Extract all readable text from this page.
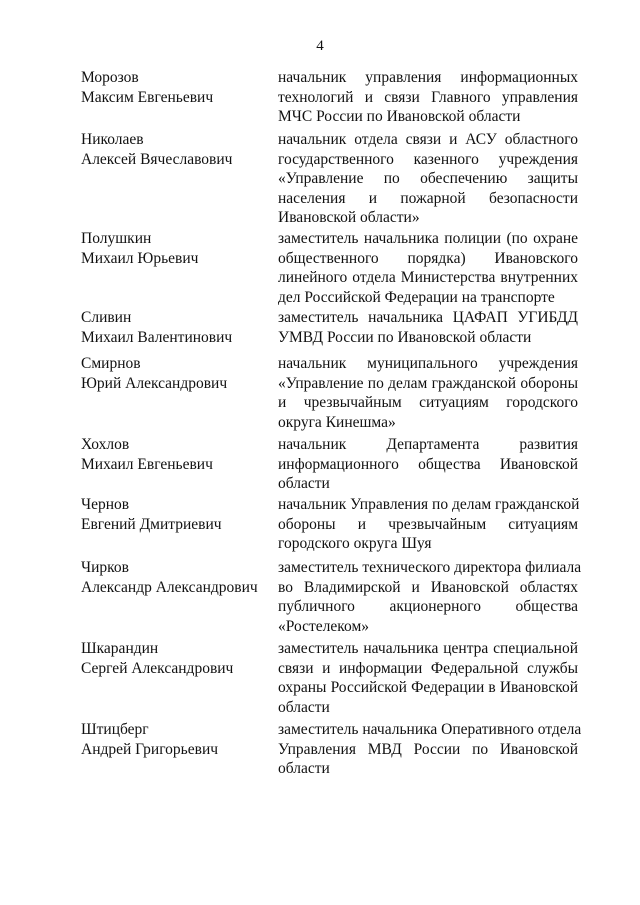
4
Морозов
Максим Евгеньевич
начальник управления информационных
технологий и связи Главного управления
МЧС России по Ивановской области
Николаев
Алексей Вячеславович
начальник отдела связи и АСУ областного
государственного казенного учреждения
«Управление по обеспечению защиты
населения и пожарной безопасности
Ивановской области»
Полушкин
Михаил Юрьевич
заместитель начальника полиции (по охране
общественного порядка) Ивановского
линейного отдела Министерства внутренних
дел Российской Федерации на транспорте
Сливин
Михаил Валентинович
заместитель начальника ЦАФАП УГИБДД
УМВД России по Ивановской области
Смирнов
Юрий Александрович
начальник муниципального учреждения
«Управление по делам гражданской обороны
и чрезвычайным ситуациям городского
округа Кинешма»
Хохлов
Михаил Евгеньевич
начальник Департамента развития
информационного общества Ивановской
области
Чернов
Евгений Дмитриевич
начальник Управления по делам гражданской
обороны и чрезвычайным ситуациям
городского округа Шуя
Чирков
Александр Александрович
заместитель технического директора филиала
во Владимирской и Ивановской областях
публичного акционерного общества
«Ростелеком»
Шкарандин
Сергей Александрович
заместитель начальника центра специальной
связи и информации Федеральной службы
охраны Российской Федерации в Ивановской
области
Штицберг
Андрей Григорьевич
заместитель начальника Оперативного отдела
Управления МВД России по Ивановской
области
